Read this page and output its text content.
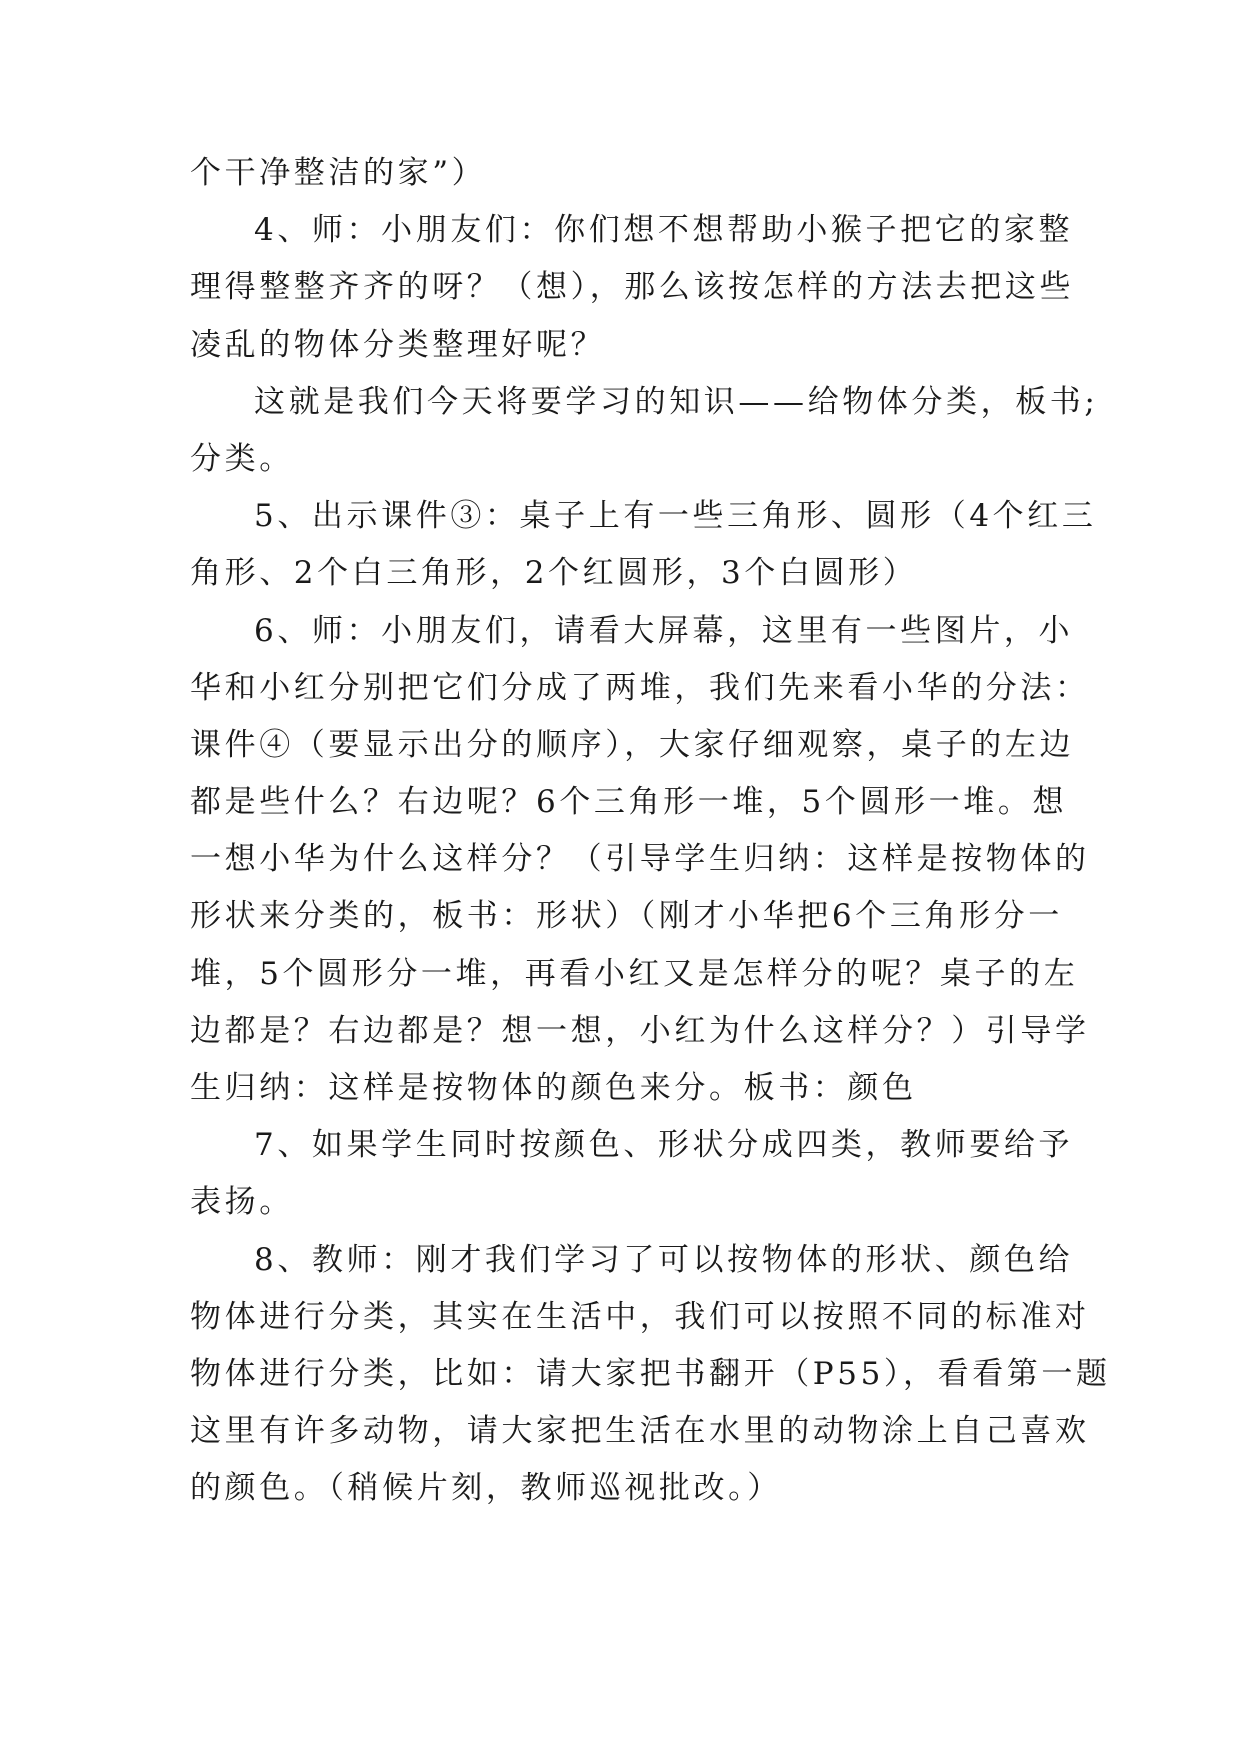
个干净整洁的家”）
4、师：小朋友们：你们想不想帮助小猴子把它的家整
理得整整齐齐的呀？（想），那么该按怎样的方法去把这些
凌乱的物体分类整理好呢？
这就是我们今天将要学习的知识——给物体分类，板书;
分类。
5、出示课件③：桌子上有一些三角形、圆形（4个红三
角形、2个白三角形，2个红圆形，3个白圆形）
6、师：小朋友们，请看大屏幕，这里有一些图片，小
华和小红分别把它们分成了两堆，我们先来看小华的分法：
课件④（要显示出分的顺序），大家仔细观察，桌子的左边
都是些什么？右边呢？6个三角形一堆，5个圆形一堆。想
一想小华为什么这样分？（引导学生归纳：这样是按物体的
形状来分类的，板书：形状）（刚才小华把6个三角形分一
堆，5个圆形分一堆，再看小红又是怎样分的呢？桌子的左
边都是？右边都是？想一想，小红为什么这样分？）引导学
生归纳：这样是按物体的颜色来分。板书：颜色
7、如果学生同时按颜色、形状分成四类，教师要给予
表扬。
8、教师：刚才我们学习了可以按物体的形状、颜色给
物体进行分类，其实在生活中，我们可以按照不同的标准对
物体进行分类，比如：请大家把书翻开（P55），看看第一题
这里有许多动物，请大家把生活在水里的动物涂上自己喜欢
的颜色。（稍候片刻，教师巡视批改。）
